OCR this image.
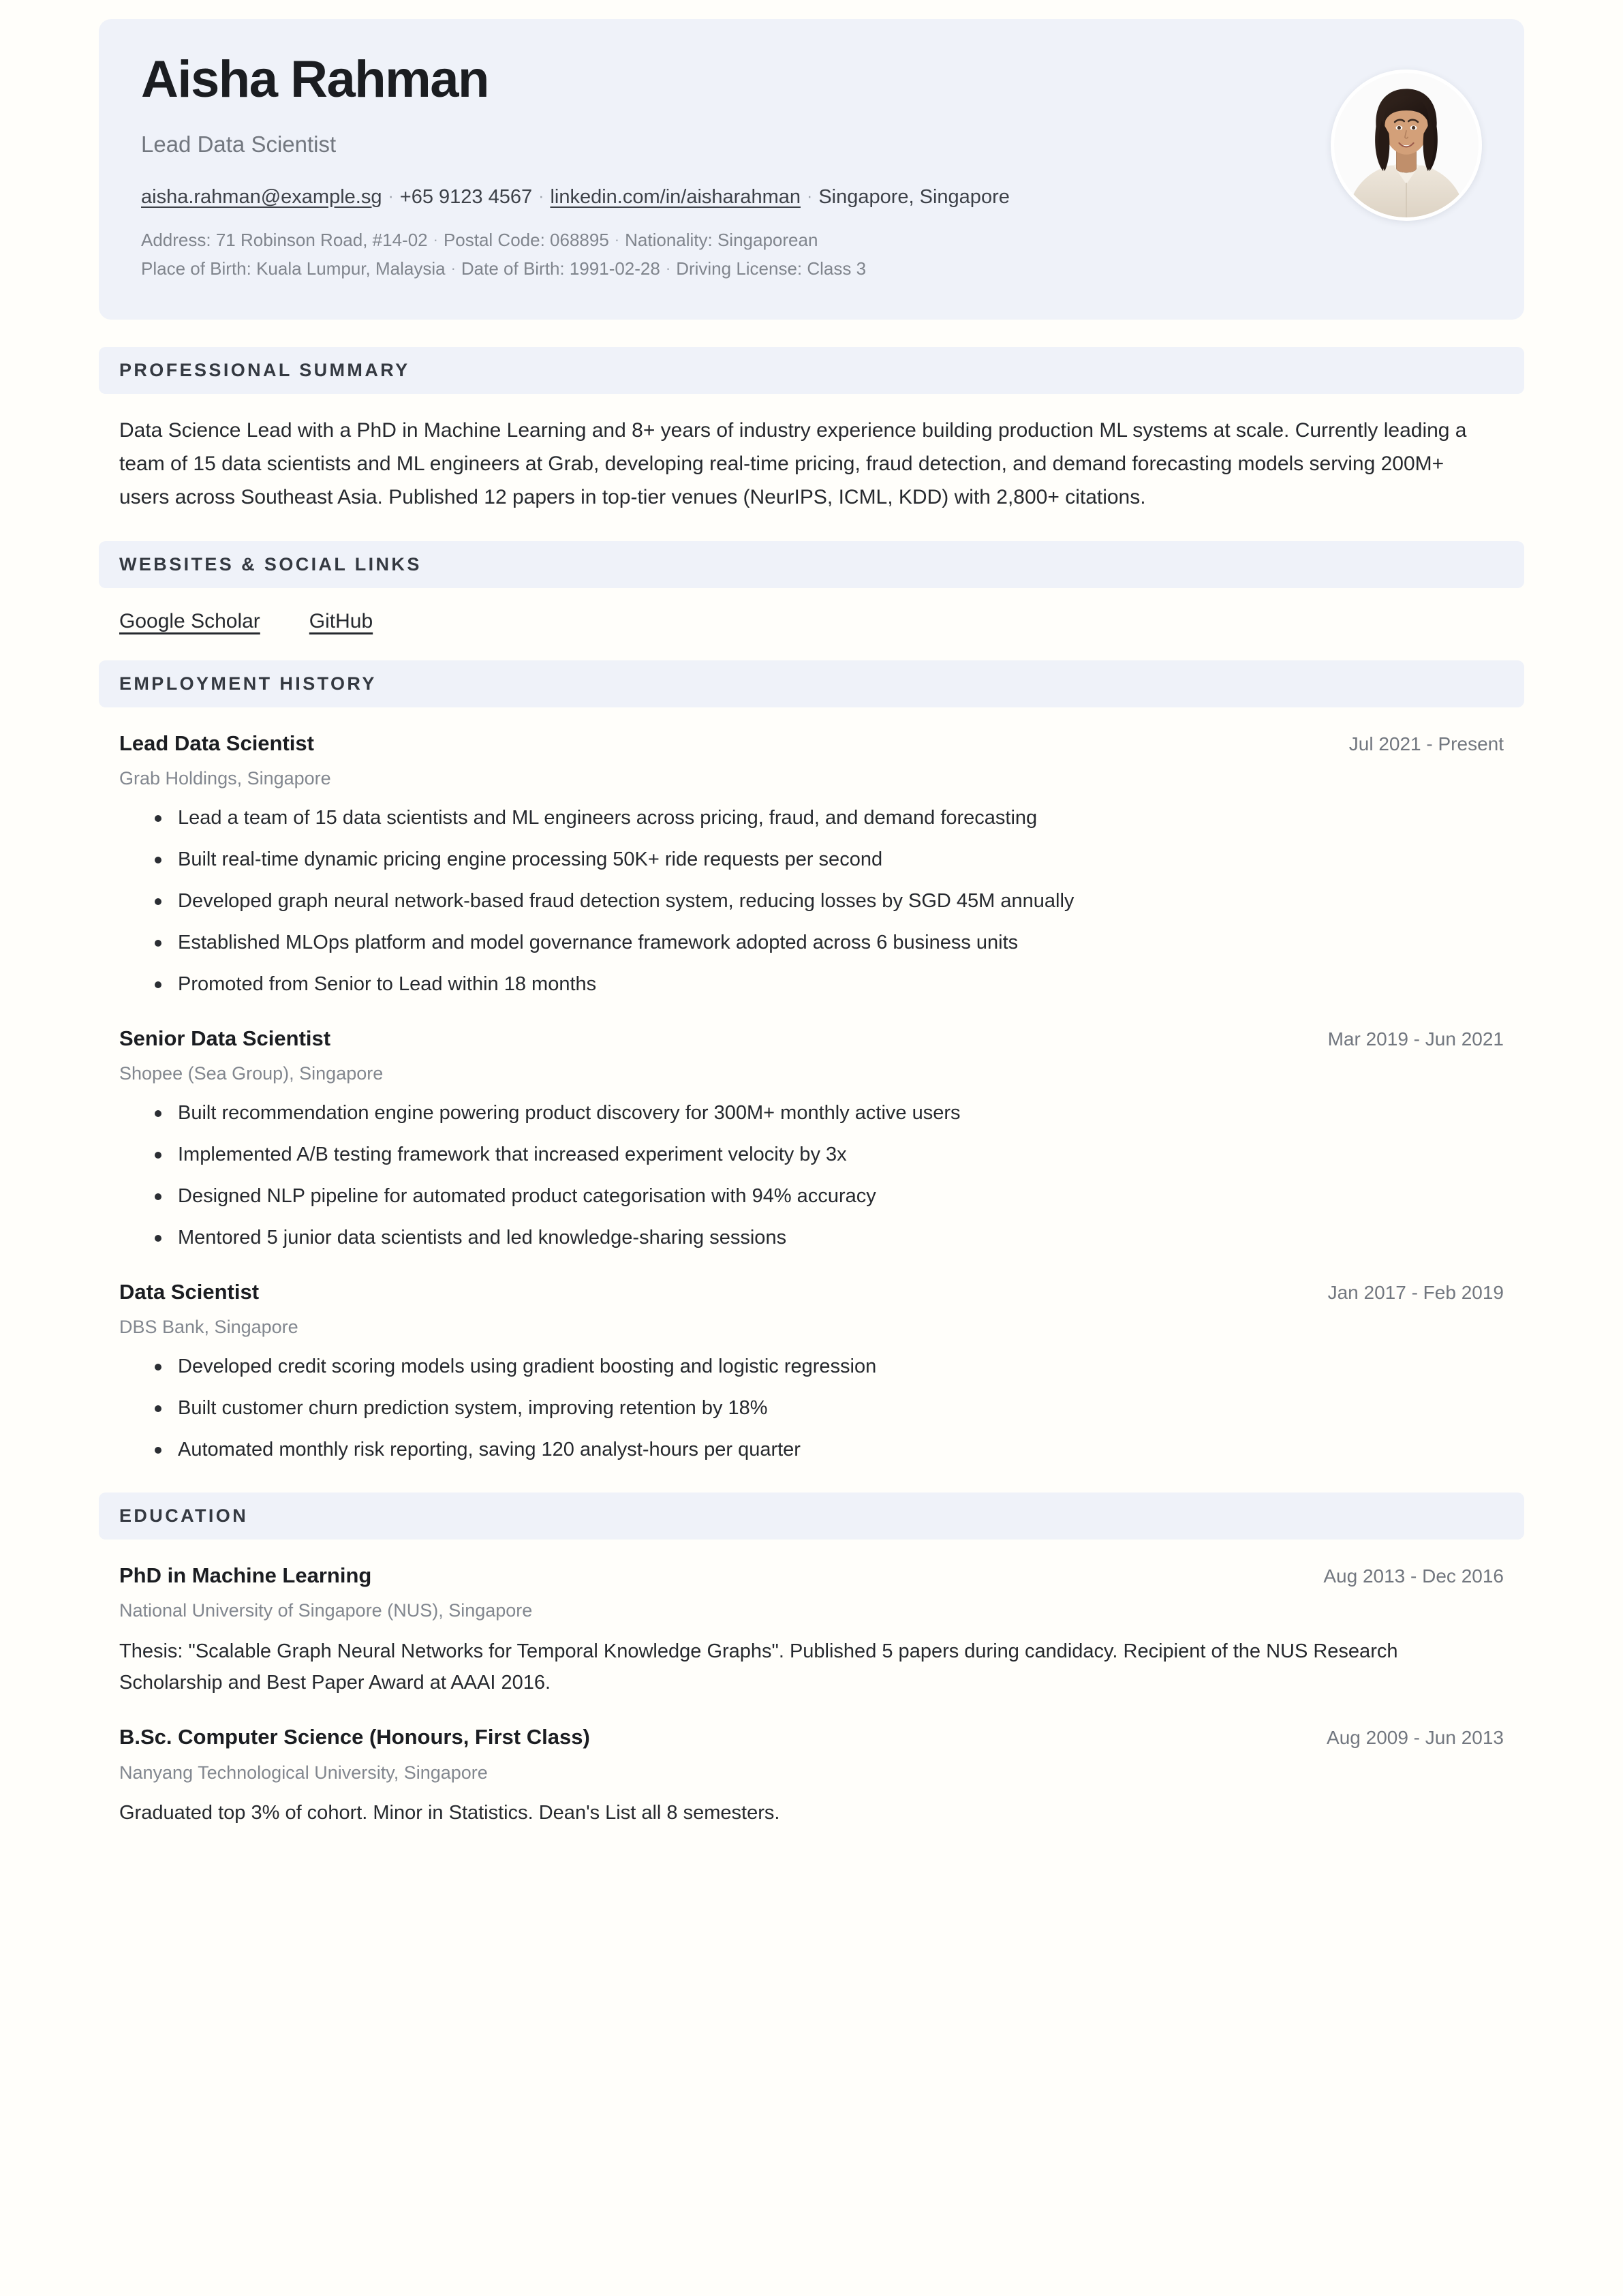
Aisha Rahman
Lead Data Scientist
aisha.rahman@example.sg · +65 9123 4567 · linkedin.com/in/aisharahman · Singapore, Singapore
Address: 71 Robinson Road, #14-02 · Postal Code: 068895 · Nationality: Singaporean
Place of Birth: Kuala Lumpur, Malaysia · Date of Birth: 1991-02-28 · Driving License: Class 3
PROFESSIONAL SUMMARY

Data Science Lead with a PhD in Machine Learning and 8+ years of industry experience building production ML systems at scale. Currently leading a team of 15 data scientists and ML engineers at Grab, developing real-time pricing, fraud detection, and demand forecasting models serving 200M+ users across Southeast Asia. Published 12 papers in top-tier venues (NeurIPS, ICML, KDD) with 2,800+ citations.

WEBSITES & SOCIAL LINKS
Google Scholar GitHub
EMPLOYMENT HISTORY
Lead Data Scientist	Jul 2021 - Present
Grab Holdings, Singapore
Lead a team of 15 data scientists and ML engineers across pricing, fraud, and demand forecasting
Built real-time dynamic pricing engine processing 50K+ ride requests per second
Developed graph neural network-based fraud detection system, reducing losses by SGD 45M annually
Established MLOps platform and model governance framework adopted across 6 business units
Promoted from Senior to Lead within 18 months
Senior Data Scientist	Mar 2019 - Jun 2021
Shopee (Sea Group), Singapore
Built recommendation engine powering product discovery for 300M+ monthly active users
Implemented A/B testing framework that increased experiment velocity by 3x
Designed NLP pipeline for automated product categorisation with 94% accuracy
Mentored 5 junior data scientists and led knowledge-sharing sessions
Data Scientist	Jan 2017 - Feb 2019
DBS Bank, Singapore
Developed credit scoring models using gradient boosting and logistic regression
Built customer churn prediction system, improving retention by 18%
Automated monthly risk reporting, saving 120 analyst-hours per quarter
EDUCATION
PhD in Machine Learning	Aug 2013 - Dec 2016
National University of Singapore (NUS), Singapore
Thesis: "Scalable Graph Neural Networks for Temporal Knowledge Graphs". Published 5 papers during candidacy. Recipient of the NUS Research Scholarship and Best Paper Award at AAAI 2016.
B.Sc. Computer Science (Honours, First Class)	Aug 2009 - Jun 2013
Nanyang Technological University, Singapore
Graduated top 3% of cohort. Minor in Statistics. Dean's List all 8 semesters.
